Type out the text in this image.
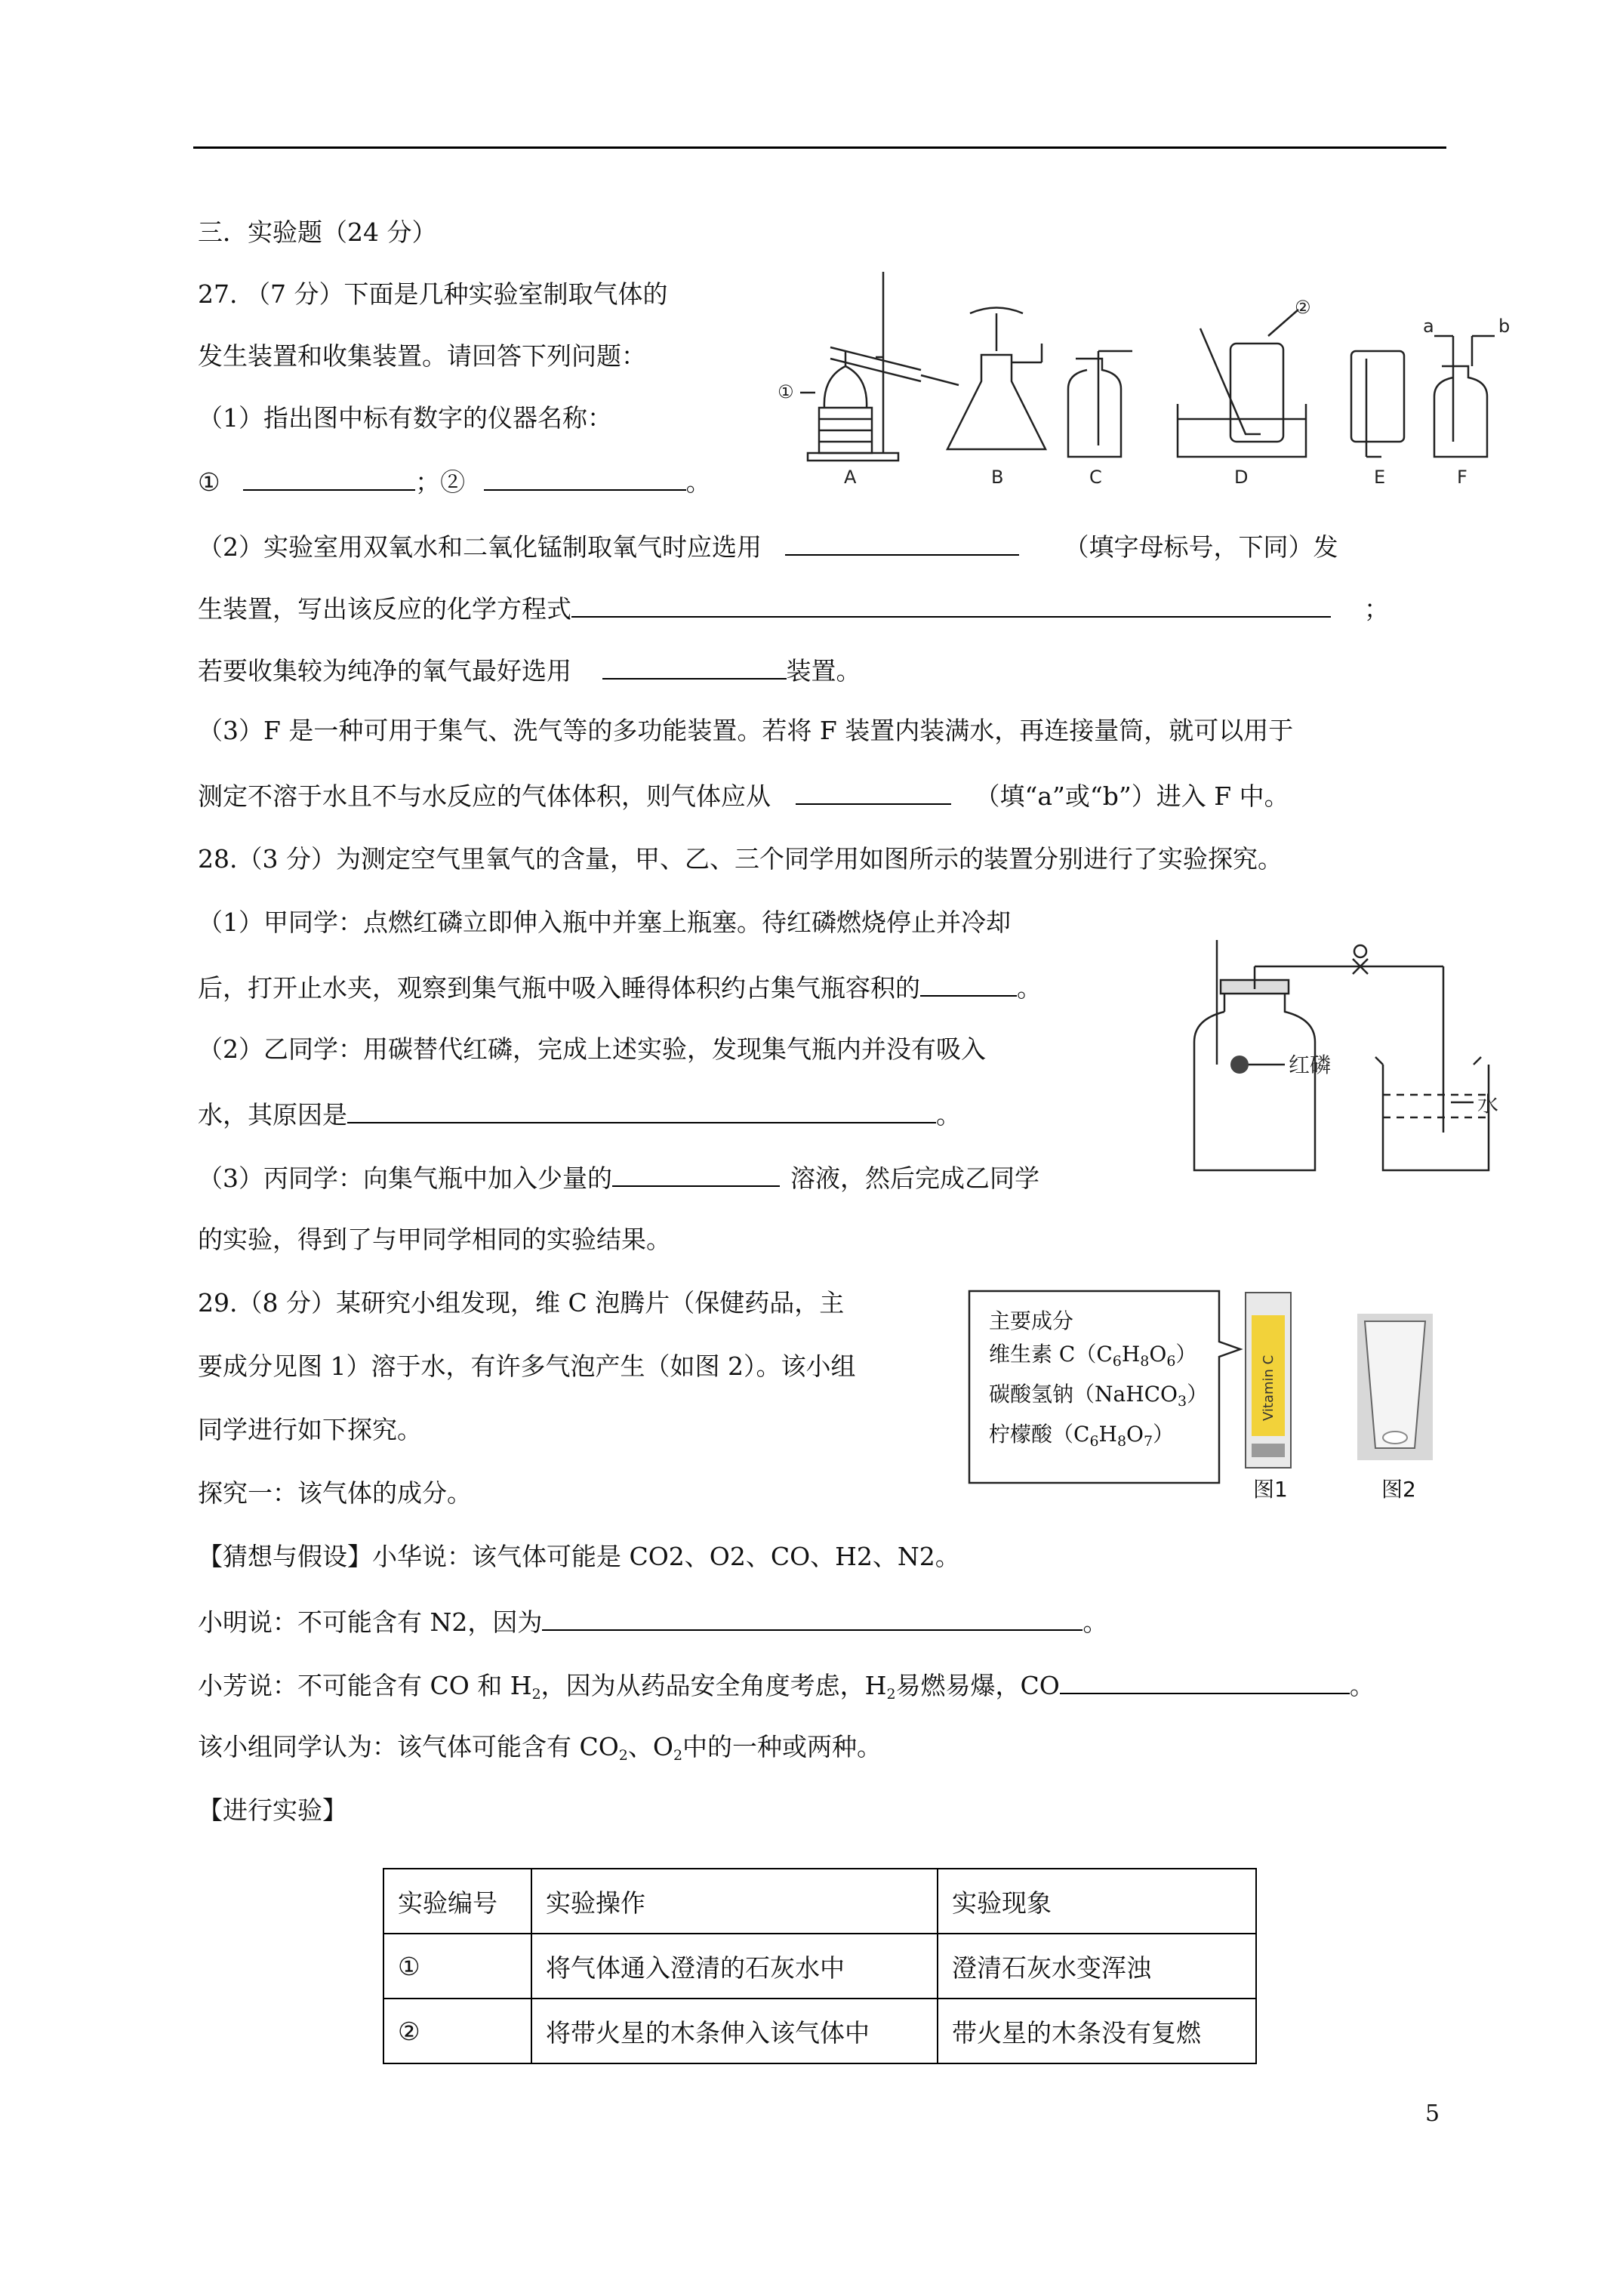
三．实验题（24 分）
27. （7 分）下面是几种实验室制取气体的
发生装置和收集装置。请回答下列问题：
（1）指出图中标有数字的仪器名称：
①	；②	。
（2）实验室用双氧水和二氧化锰制取氧气时应选用	（填字母标号，下同）发
生装置，写出该反应的化学方程式	；
若要收集较为纯净的氧气最好选用	装置。
（3）F 是一种可用于集气、洗气等的多功能装置。若将 F 装置内装满水，再连接量筒，就可以用于
测定不溶于水且不与水反应的气体体积，则气体应从	（填“a”或“b”）进入 F 中。
A	B	C	D	E	F
①
②
a	b
28.（3 分）为测定空气里氧气的含量，甲、乙、三个同学用如图所示的装置分别进行了实验探究。
（1）甲同学：点燃红磷立即伸入瓶中并塞上瓶塞。待红磷燃烧停止并冷却
后，打开止水夹，观察到集气瓶中吸入睡得体积约占集气瓶容积的	。
（2）乙同学：用碳替代红磷，完成上述实验，发现集气瓶内并没有吸入
水，其原因是	。
（3）丙同学：向集气瓶中加入少量的	溶液，然后完成乙同学
的实验，得到了与甲同学相同的实验结果。
红磷
水
29.（8 分）某研究小组发现，维 C 泡腾片（保健药品，主
要成分见图 1）溶于水，有许多气泡产生（如图 2）。该小组
同学进行如下探究。
探究一：该气体的成分。
【猜想与假设】小华说：该气体可能是 CO2、O2、CO、H2、N2。
小明说：不可能含有 N2，因为	。
小芳说：不可能含有 CO 和 $H_2$，因为从药品安全角度考虑，$H_2$易燃易爆，CO	。
该小组同学认为：该气体可能含有 $CO_2$、$O_2$中的一种或两种。
【进行实验】
主要成分
维生素 $C(C_6H_8O_6)$
碳酸氢钠（NaHCO$_3$）
柠檬酸$(C_6H_8O_7)$
Vitamin C
图1	图2
实验编号	实验操作	实验现象
①	将气体通入澄清的石灰水中	澄清石灰水变浑浊
②	将带火星的木条伸入该气体中	带火星的木条没有复燃
5
